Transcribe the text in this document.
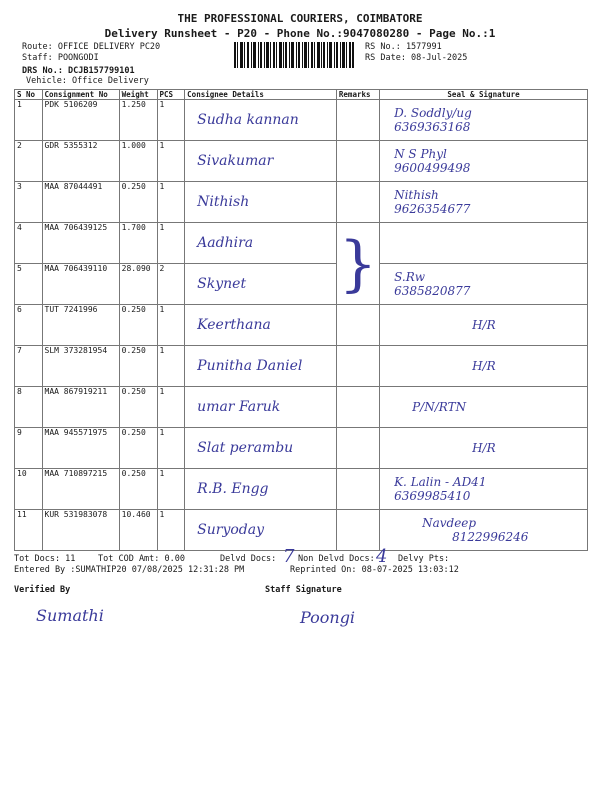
THE PROFESSIONAL COURIERS, COIMBATORE
Delivery Runsheet - P20 - Phone No.:9047080280 - Page No.:1
Route: OFFICE DELIVERY PC20
Staff: POONGODI
DRS No.: DCJB157799101
Vehicle: Office Delivery
RS No.: 1577991
RS Date: 08-Jul-2025
S No	Consignment No	Weight	PCS	Consignee Details	Remarks	Seal & Signature
1	PDK 5106209	1.250	1	Sudha kannan		D. Soddly/ug
6369363168

2	GDR 5355312	1.000	1	Sivakumar		N S Phyl
9600499498

3	MAA 87044491	0.250	1	Nithish		Nithish
9626354677

4	MAA 706439125	1.700	1	Aadhira	}	

5	MAA 706439110	28.090	2	Skynet		S.Rw
6385820877

6	TUT 7241996	0.250	1	Keerthana		H/R

7	SLM 373281954	0.250	1	Punitha Daniel		H/R

8	MAA 867919211	0.250	1	umar Faruk		P/N/RTN

9	MAA 945571975	0.250	1	Slat perambu		H/R

10	MAA 710897215	0.250	1	R.B. Engg		K. Lalin - AD41
6369985410

11	KUR 531983078	10.460	1	Suryoday		Navdeep
8122996246
Tot Docs: 11	Tot COD Amt: 0.00	Delvd Docs: 7 Non Delvd Docs: 4 Delvy Pts:
Entered By :SUMATHIP20 07/08/2025 12:31:28 PM	Reprinted On: 08-07-2025 13:03:12
Verified By
Sumathi
Staff Signature
Poongi
